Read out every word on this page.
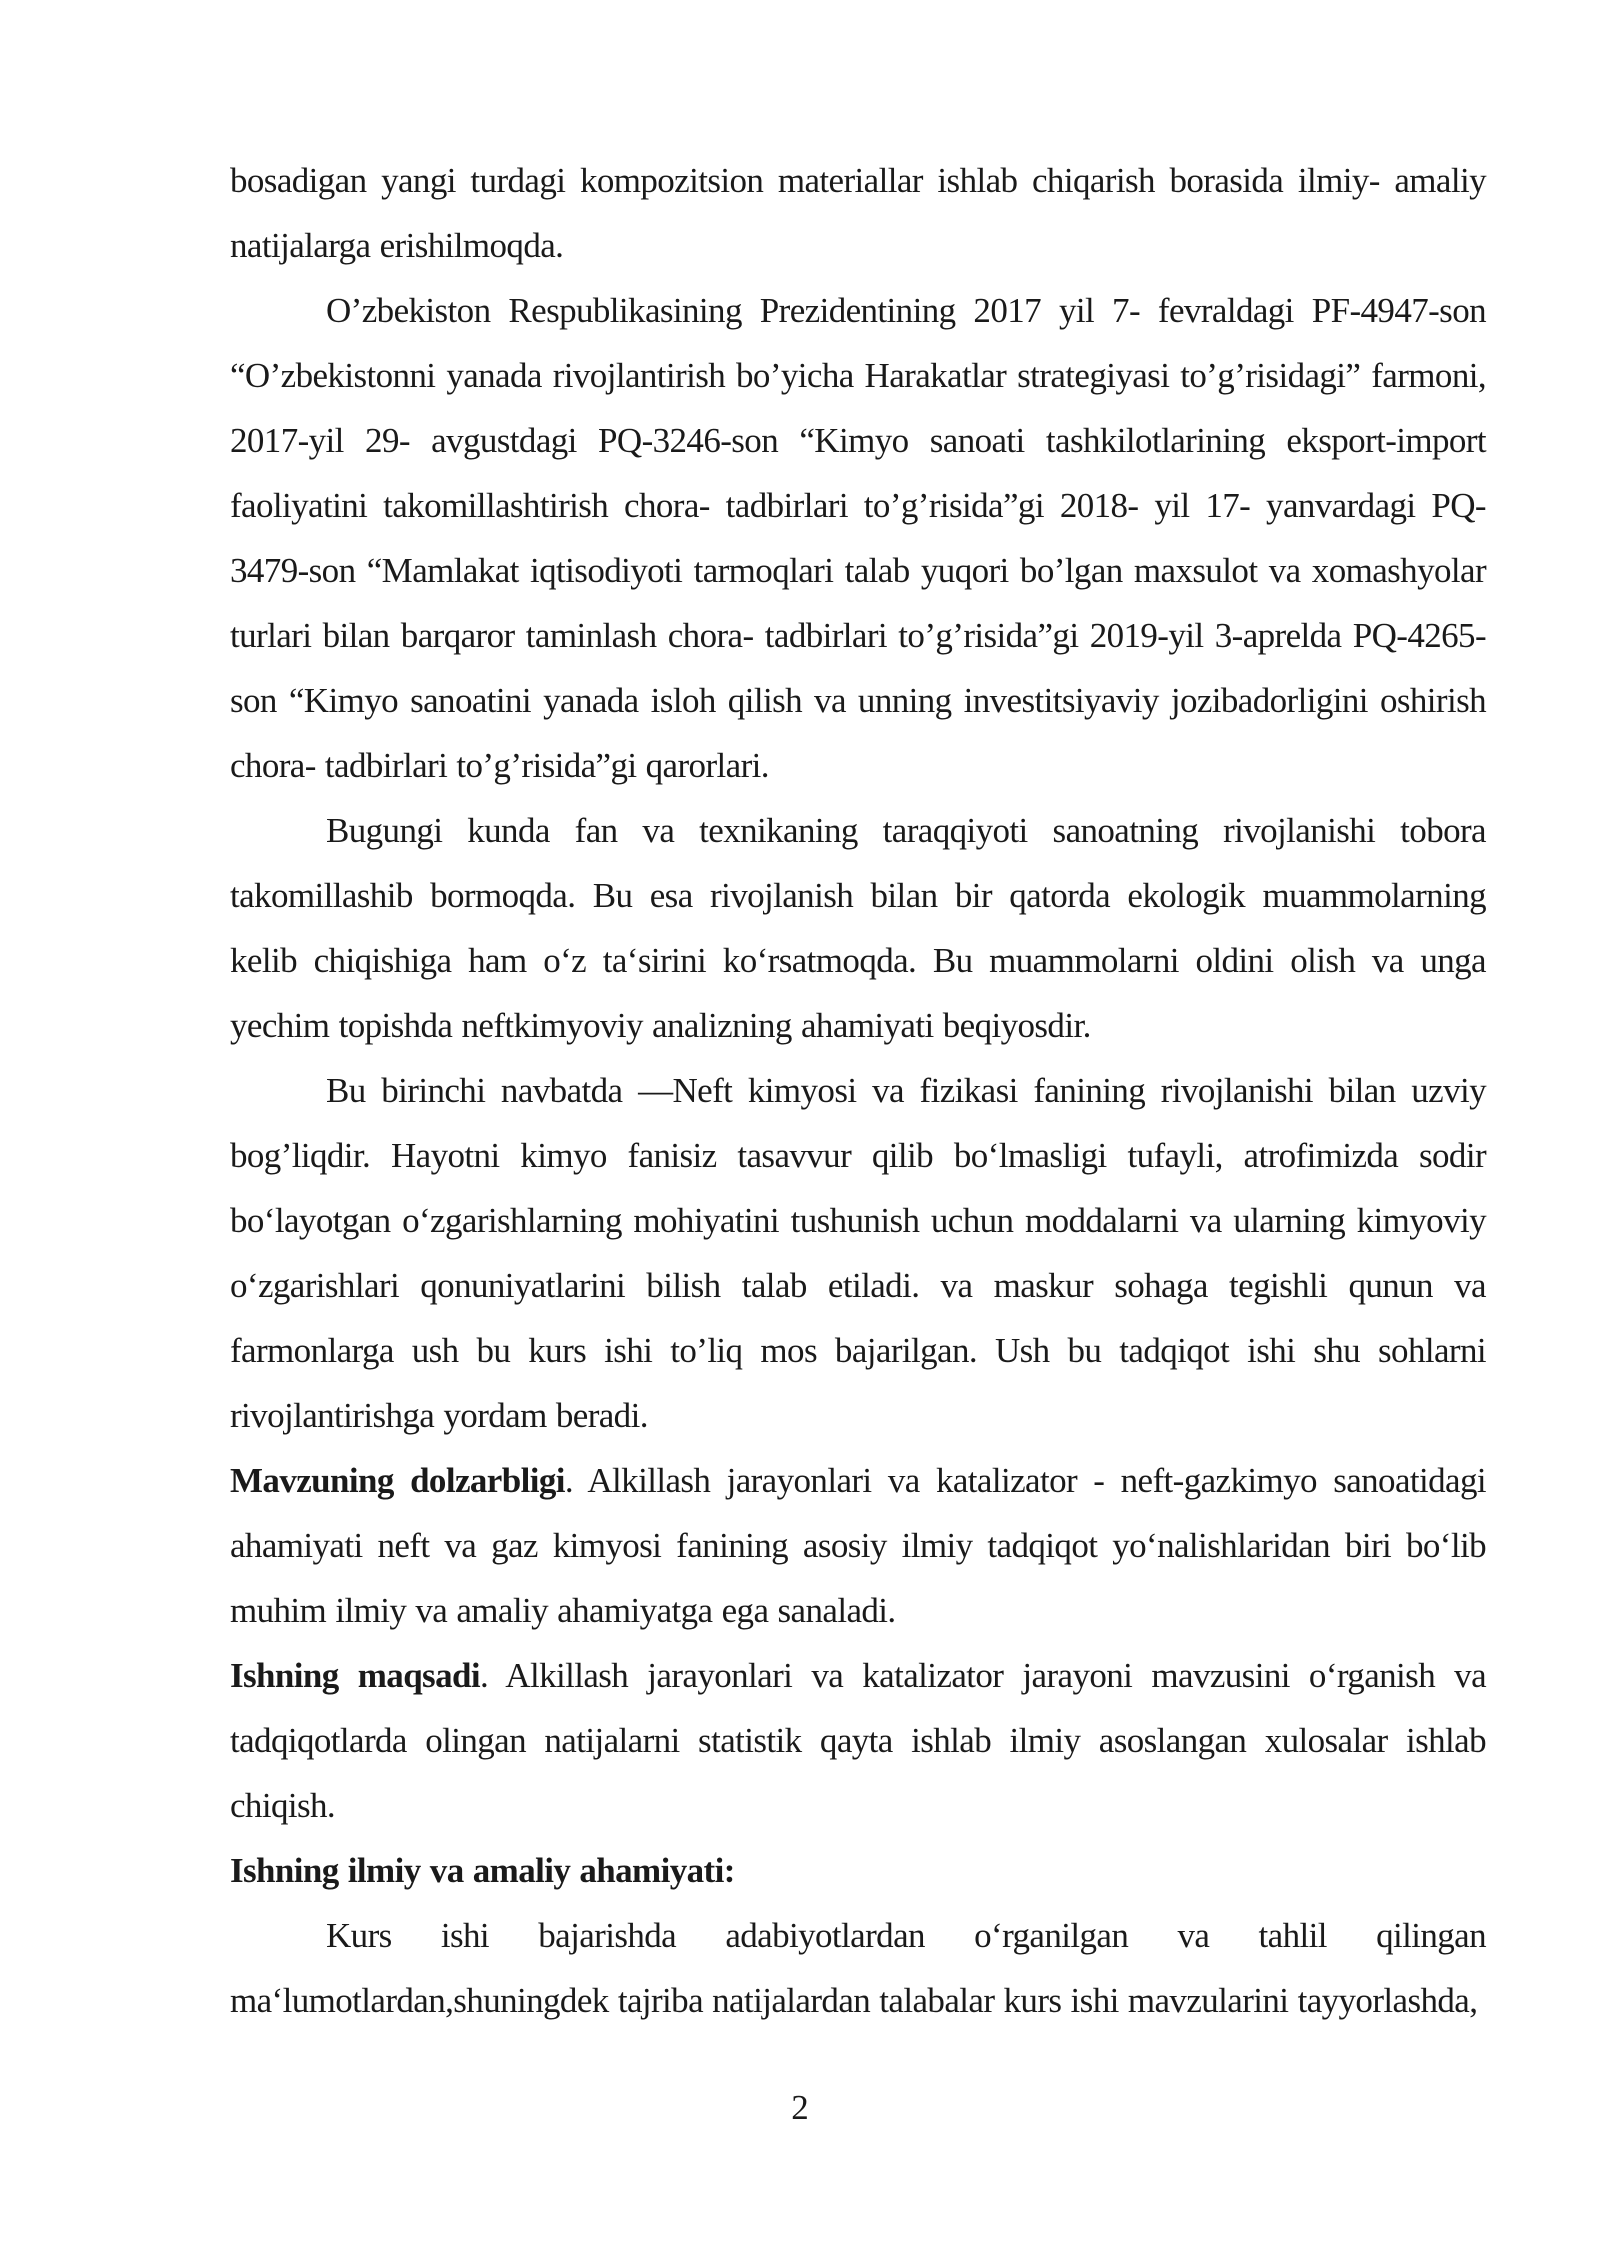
bosadigan yangi turdagi kompozitsion materiallar ishlab chiqarish borasida ilmiy- amaliy natijalarga erishilmoqda.

O’zbekiston Respublikasining Prezidentining 2017 yil 7- fevraldagi PF-4947-son “O’zbekistonni yanada rivojlantirish bo’yicha Harakatlar strategiyasi to’g’risidagi” farmoni, 2017-yil 29- avgustdagi PQ-3246-son “Kimyo sanoati tashkilotlarining eksport-import faoliyatini takomillashtirish chora- tadbirlari to’g’risida”gi 2018- yil 17- yanvardagi PQ-3479-son “Mamlakat iqtisodiyoti tarmoqlari talab yuqori bo’lgan maxsulot va xomashyolar turlari bilan barqaror taminlash chora- tadbirlari to’g’risida”gi 2019-yil 3-aprelda PQ-4265-son “Kimyo sanoatini yanada isloh qilish va unning investitsiyaviy jozibadorligini oshirish chora- tadbirlari to’g’risida”gi qarorlari.

Bugungi kunda fan va texnikaning taraqqiyoti sanoatning rivojlanishi tobora takomillashib bormoqda. Bu esa rivojlanish bilan bir qatorda ekologik muammolarning kelib chiqishiga ham o‘z ta‘sirini ko‘rsatmoqda. Bu muammolarni oldini olish va unga yechim topishda neftkimyoviy analizning ahamiyati beqiyosdir.

Bu birinchi navbatda —Neft kimyosi va fizikasi fanining rivojlanishi bilan uzviy bog’liqdir. Hayotni kimyo fanisiz tasavvur qilib bo‘lmasligi tufayli, atrofimizda sodir bo‘layotgan o‘zgarishlarning mohiyatini tushunish uchun moddalarni va ularning kimyoviy o‘zgarishlari qonuniyatlarini bilish talab etiladi. va maskur sohaga tegishli qunun va farmonlarga ush bu kurs ishi to’liq mos bajarilgan. Ush bu tadqiqot ishi shu sohlarni rivojlantirishga yordam beradi.

Mavzuning dolzarbligi. Alkillash jarayonlari va katalizator - neft-gazkimyo sanoatidagi ahamiyati neft va gaz kimyosi fanining asosiy ilmiy tadqiqot yo‘nalishlaridan biri bo‘lib muhim ilmiy va amaliy ahamiyatga ega sanaladi.

Ishning maqsadi. Alkillash jarayonlari va katalizator jarayoni mavzusini o‘rganish va tadqiqotlarda olingan natijalarni statistik qayta ishlab ilmiy asoslangan xulosalar ishlab chiqish.

Ishning ilmiy va amaliy ahamiyati:

Kurs ishi bajarishda adabiyotlardan o‘rganilgan va tahlil qilingan ma‘lumotlardan,shuningdek tajriba natijalardan talabalar kurs ishi mavzularini tayyorlashda,

2
